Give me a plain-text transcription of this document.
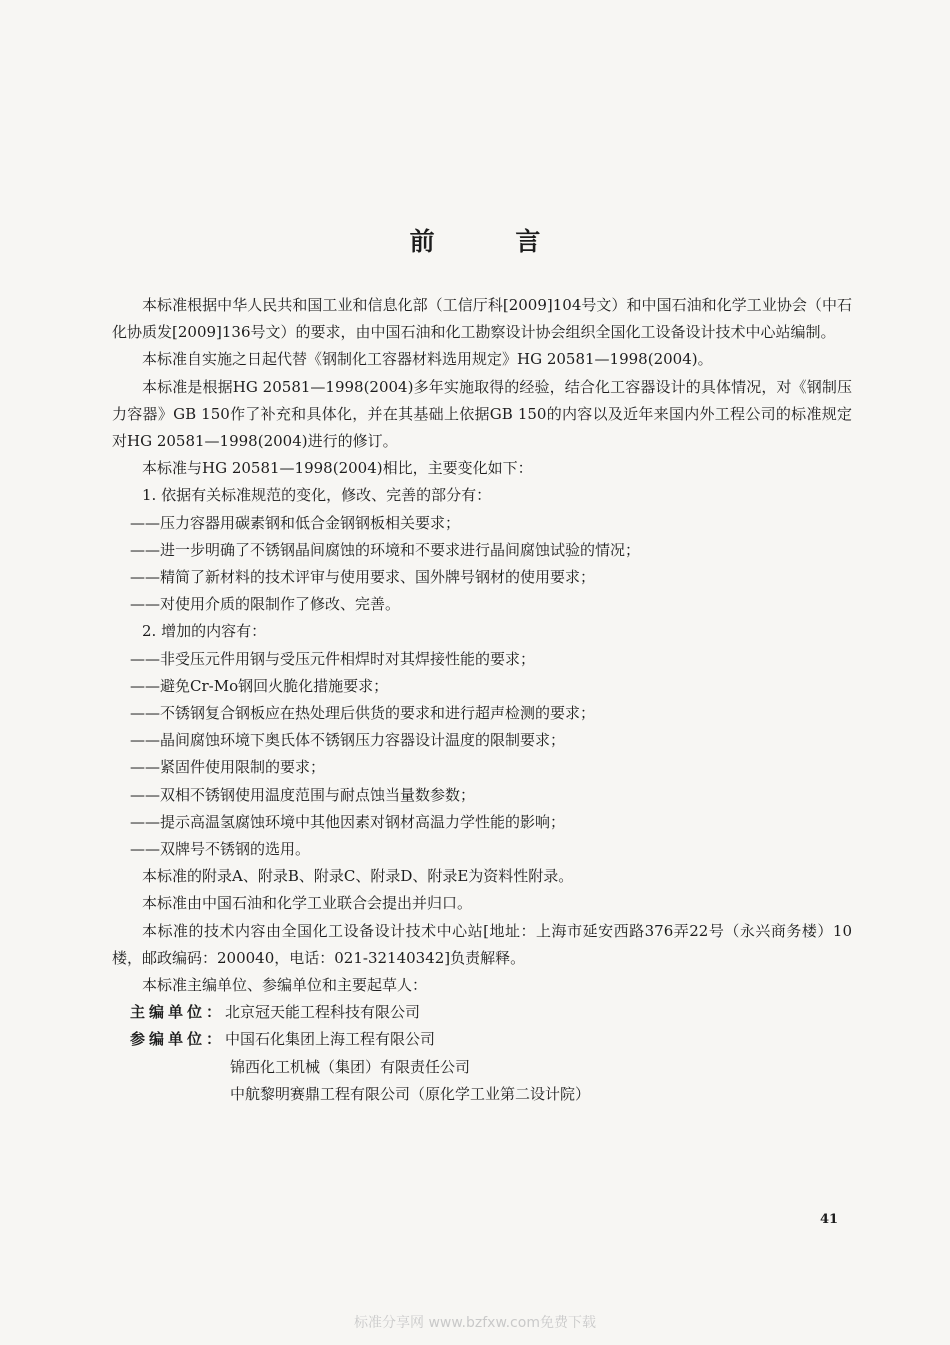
前 言

本标准根据中华人民共和国工业和信息化部（工信厅科[2009]104号文）和中国石油和化学工业协会（中石化协质发[2009]136号文）的要求，由中国石油和化工勘察设计协会组织全国化工设备设计技术中心站编制。

本标准自实施之日起代替《钢制化工容器材料选用规定》HG 20581—1998(2004)。

本标准是根据HG 20581—1998(2004)多年实施取得的经验，结合化工容器设计的具体情况，对《钢制压力容器》GB 150作了补充和具体化，并在其基础上依据GB 150的内容以及近年来国内外工程公司的标准规定对HG 20581—1998(2004)进行的修订。

本标准与HG 20581—1998(2004)相比，主要变化如下：

1. 依据有关标准规范的变化，修改、完善的部分有：

——压力容器用碳素钢和低合金钢钢板相关要求；

——进一步明确了不锈钢晶间腐蚀的环境和不要求进行晶间腐蚀试验的情况；

——精简了新材料的技术评审与使用要求、国外牌号钢材的使用要求；

——对使用介质的限制作了修改、完善。

2. 增加的内容有：

——非受压元件用钢与受压元件相焊时对其焊接性能的要求；

——避免Cr-Mo钢回火脆化措施要求；

——不锈钢复合钢板应在热处理后供货的要求和进行超声检测的要求；

——晶间腐蚀环境下奥氏体不锈钢压力容器设计温度的限制要求；

——紧固件使用限制的要求；

——双相不锈钢使用温度范围与耐点蚀当量数参数；

——提示高温氢腐蚀环境中其他因素对钢材高温力学性能的影响；

——双牌号不锈钢的选用。

本标准的附录A、附录B、附录C、附录D、附录E为资料性附录。

本标准由中国石油和化学工业联合会提出并归口。

本标准的技术内容由全国化工设备设计技术中心站[地址：上海市延安西路376弄22号（永兴商务楼）10楼，邮政编码：200040，电话：021-32140342]负责解释。

本标准主编单位、参编单位和主要起草人：

主编单位：北京冠天能工程科技有限公司

参编单位：中国石化集团上海工程有限公司

锦西化工机械（集团）有限责任公司

中航黎明赛鼎工程有限公司（原化学工业第二设计院）

41
标准分享网 www.bzfxw.com免费下载
